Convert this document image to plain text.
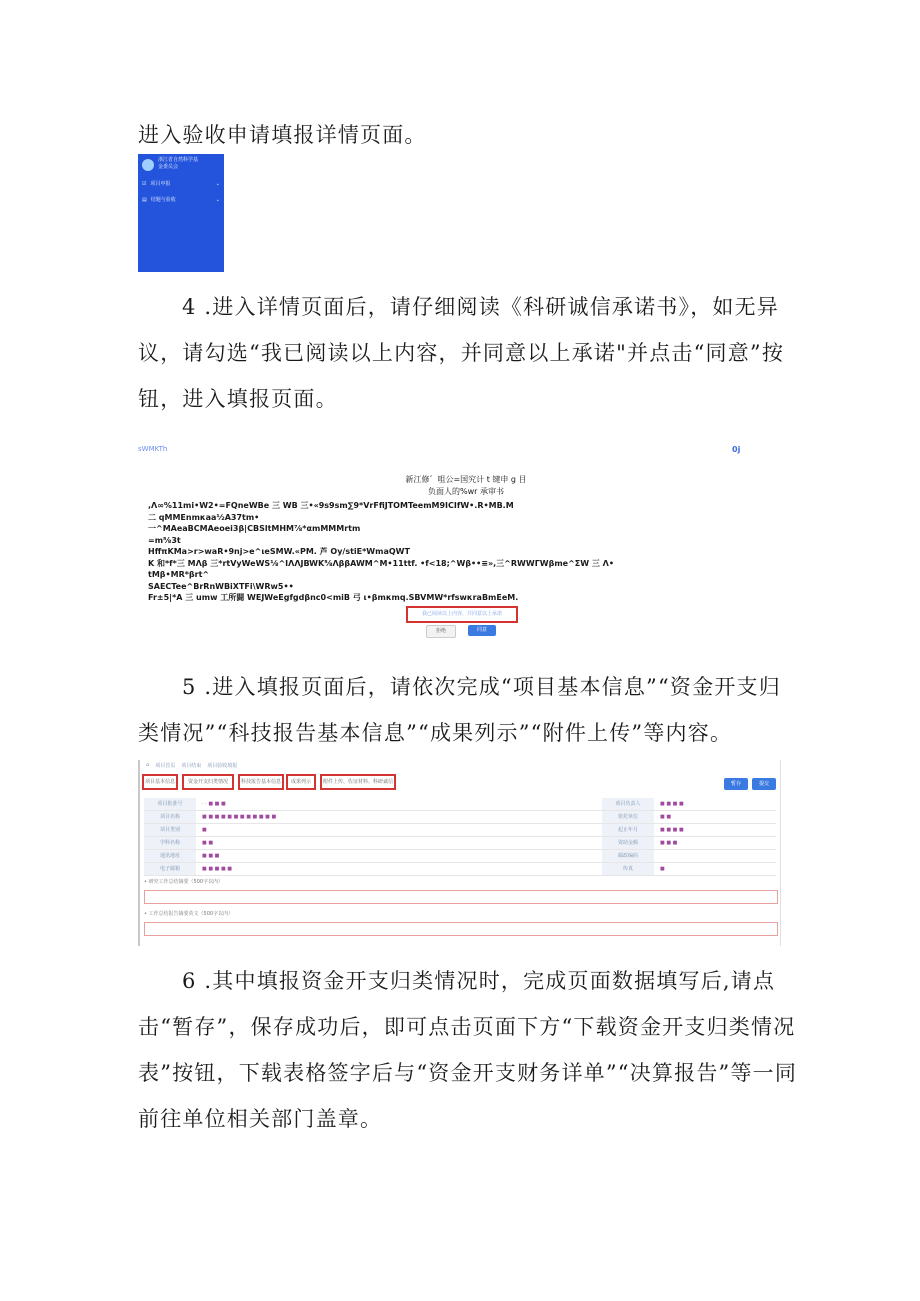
进入验收申请填报详情页面。

浙江省自然科学基
金委员会
☑ 项目申报	⌄
▤ 结题与验收	⌄

4 .进入详情页面后，请仔细阅读《科研诚信承诺书》，如无异议，请勾选“我已阅读以上内容，并同意以上承诺"并点击“同意”按钮，进入填报页面。

sWMKTh	0j
新江修゛咀公=国究计 t 键申 g 目
负面人的%wr 承审书
,Λ∞%11mi•W2•=FQneWBe 三 WB 三•«9s9sm∑9*VrFfiJTOMTeemM9ICIfW•.R•MB.M
二 qMMEnmκaa½A37tm•
一^MAeaBCMAeoei3β|CBSltMHM⅞*αmMMMrtm
=m⅝3t
HffπKMa>r>waR•9nj>e^ιeSMW.«PM. 芦 Oy/stiE*WmaQWT
K 和*f*三 MΛβ 三*rtVyWeWS⅛^IΛΛJBWK⅝ΛββAWM^M•11ttf. •f<18;^Wβ••≡»,三^RWWΓWβme^ΣW 三 Λ•
tMβ•MR*βrt^
SAECTee^BrRnWBiXTFi\WRw5••
Fr±5|*A 三 umw 工所闘 WEJWeEgfgdβnc0<miB 弓 ι•βmκmq.SBVMW*rfswκraBmEeM.
我已阅读以上内容，并同意以上承诺
拒绝	同意

5 .进入填报页面后，请依次完成“项目基本信息”“资金开支归类情况”“科技报告基本信息”“成果列示”“附件上传”等内容。

⌂ 项目首页 项目结束 项目验收填报
项目基本信息	资金开支归类情况	科技报告基本信息	成果列示	附件上传、佐证材料、科研诚信	暂存	提交
项目批准号	· · ■ ■ ■	项目负责人	■ ■ ■ ■
项目名称	■ ■ ■ ■ ■ ■ ■ ■ ■ ■ ■ ■	依托单位	■ ■
项目类别	■	起止年月	■ ■ ■ ■
学科名称	■ ■	资助金额	■ ■ ■
通讯地址	■ ■ ■	邮政编码
电子邮箱	■ ■ ■ ■ ■	传真	■
• 研究工作总结摘要（500字以内）
• 工作总结报告摘要英文（500字以内）

6 .其中填报资金开支归类情况时，完成页面数据填写后,请点击“暂存”，保存成功后，即可点击页面下方“下载资金开支归类情况表”按钮，下载表格签字后与“资金开支财务详单”“决算报告”等一同前往单位相关部门盖章。
